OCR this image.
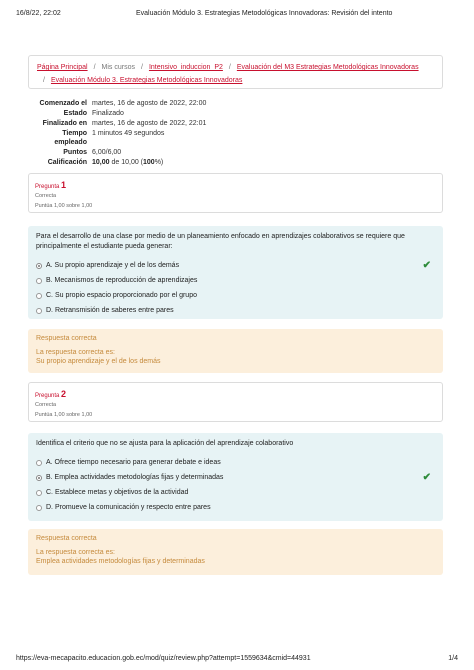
16/8/22, 22:02	Evaluación Módulo 3. Estrategias Metodológicas Innovadoras: Revisión del intento
Página Principal / Mis cursos / Intensivo_induccion_P2 / Evaluación del M3 Estrategias Metodológicas Innovadoras
/ Evaluación Módulo 3. Estrategias Metodológicas Innovadoras
Comenzado el martes, 16 de agosto de 2022, 22:00
Estado Finalizado
Finalizado en martes, 16 de agosto de 2022, 22:01
Tiempo
empleado
1 minutos 49 segundos
Puntos 6,00/6,00
Calificación 10,00 de 10,00 (100%)
Pregunta 1
Correcta
Puntúa 1,00 sobre 1,00
Para el desarrollo de una clase por medio de un planeamiento enfocado en aprendizajes colaborativos se requiere que principalmente el estudiante pueda generar:
A. Su propio aprendizaje y el de los demás	✔
B. Mecanismos de reproducción de aprendizajes
C. Su propio espacio proporcionado por el grupo
D. Retransmisión de saberes entre pares
Respuesta correcta
La respuesta correcta es:
Su propio aprendizaje y el de los demás
Pregunta 2
Correcta
Puntúa 1,00 sobre 1,00
Identifica el criterio que no se ajusta para la aplicación del aprendizaje colaborativo
A. Ofrece tiempo necesario para generar debate e ideas
B. Emplea actividades metodologías fijas y determinadas	✔
C. Establece metas y objetivos de la actividad
D. Promueve la comunicación y respecto entre pares
Respuesta correcta
La respuesta correcta es:
Emplea actividades metodologías fijas y determinadas
https://eva-mecapacito.educacion.gob.ec/mod/quiz/review.php?attempt=1559634&cmid=44931	1/4
